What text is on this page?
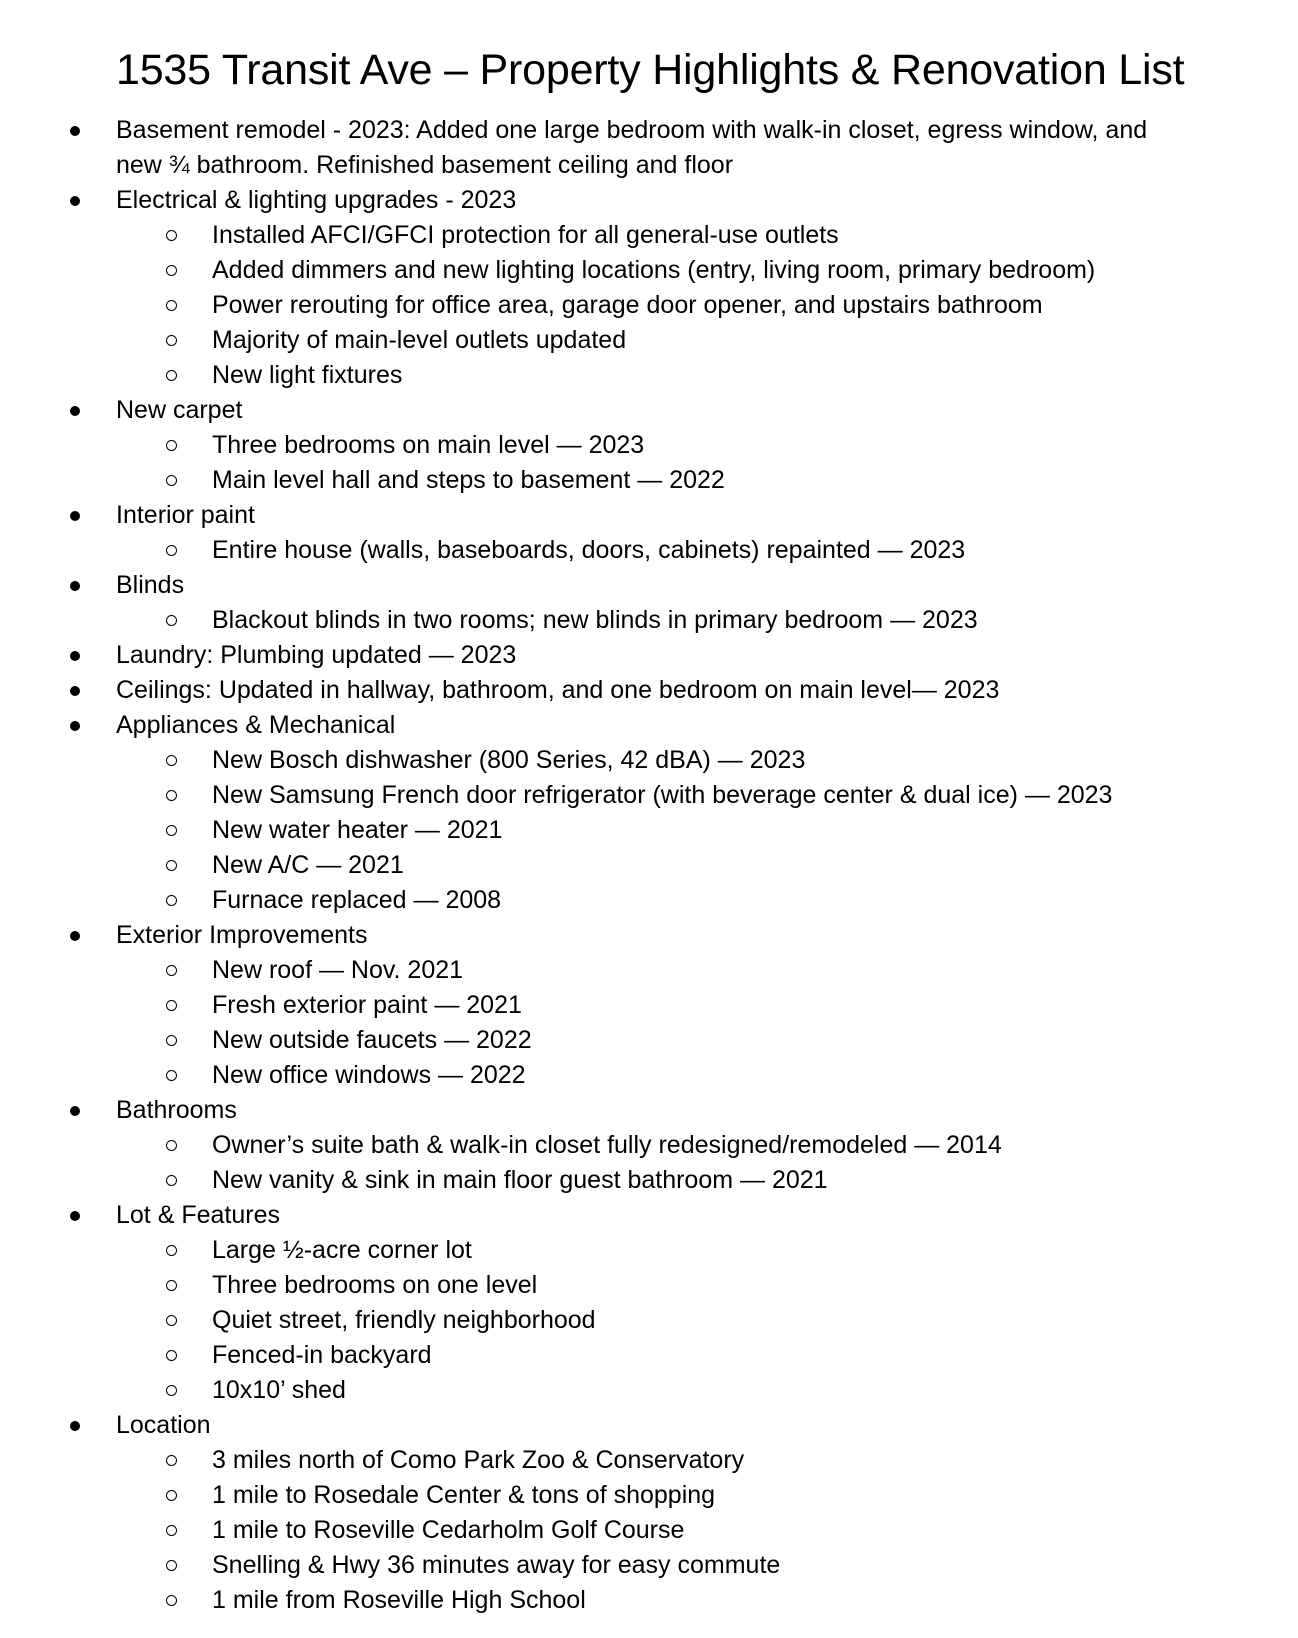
1535 Transit Ave – Property Highlights & Renovation List
Basement remodel - 2023: Added one large bedroom with walk-in closet, egress window, and
new ¾ bathroom. Refinished basement ceiling and floor
Electrical & lighting upgrades - 2023
Installed AFCI/GFCI protection for all general-use outlets
Added dimmers and new lighting locations (entry, living room, primary bedroom)
Power rerouting for office area, garage door opener, and upstairs bathroom
Majority of main-level outlets updated
New light fixtures
New carpet
Three bedrooms on main level — 2023
Main level hall and steps to basement — 2022
Interior paint
Entire house (walls, baseboards, doors, cabinets) repainted — 2023
Blinds
Blackout blinds in two rooms; new blinds in primary bedroom — 2023
Laundry: Plumbing updated — 2023
Ceilings: Updated in hallway, bathroom, and one bedroom on main level— 2023
Appliances & Mechanical
New Bosch dishwasher (800 Series, 42 dBA) — 2023
New Samsung French door refrigerator (with beverage center & dual ice) — 2023
New water heater — 2021
New A/C — 2021
Furnace replaced — 2008
Exterior Improvements
New roof — Nov. 2021
Fresh exterior paint — 2021
New outside faucets — 2022
New office windows — 2022
Bathrooms
Owner’s suite bath & walk-in closet fully redesigned/remodeled — 2014
New vanity & sink in main floor guest bathroom — 2021
Lot & Features
Large ½-acre corner lot
Three bedrooms on one level
Quiet street, friendly neighborhood
Fenced-in backyard
10x10’ shed
Location
3 miles north of Como Park Zoo & Conservatory
1 mile to Rosedale Center & tons of shopping
1 mile to Roseville Cedarholm Golf Course
Snelling & Hwy 36 minutes away for easy commute
1 mile from Roseville High School
